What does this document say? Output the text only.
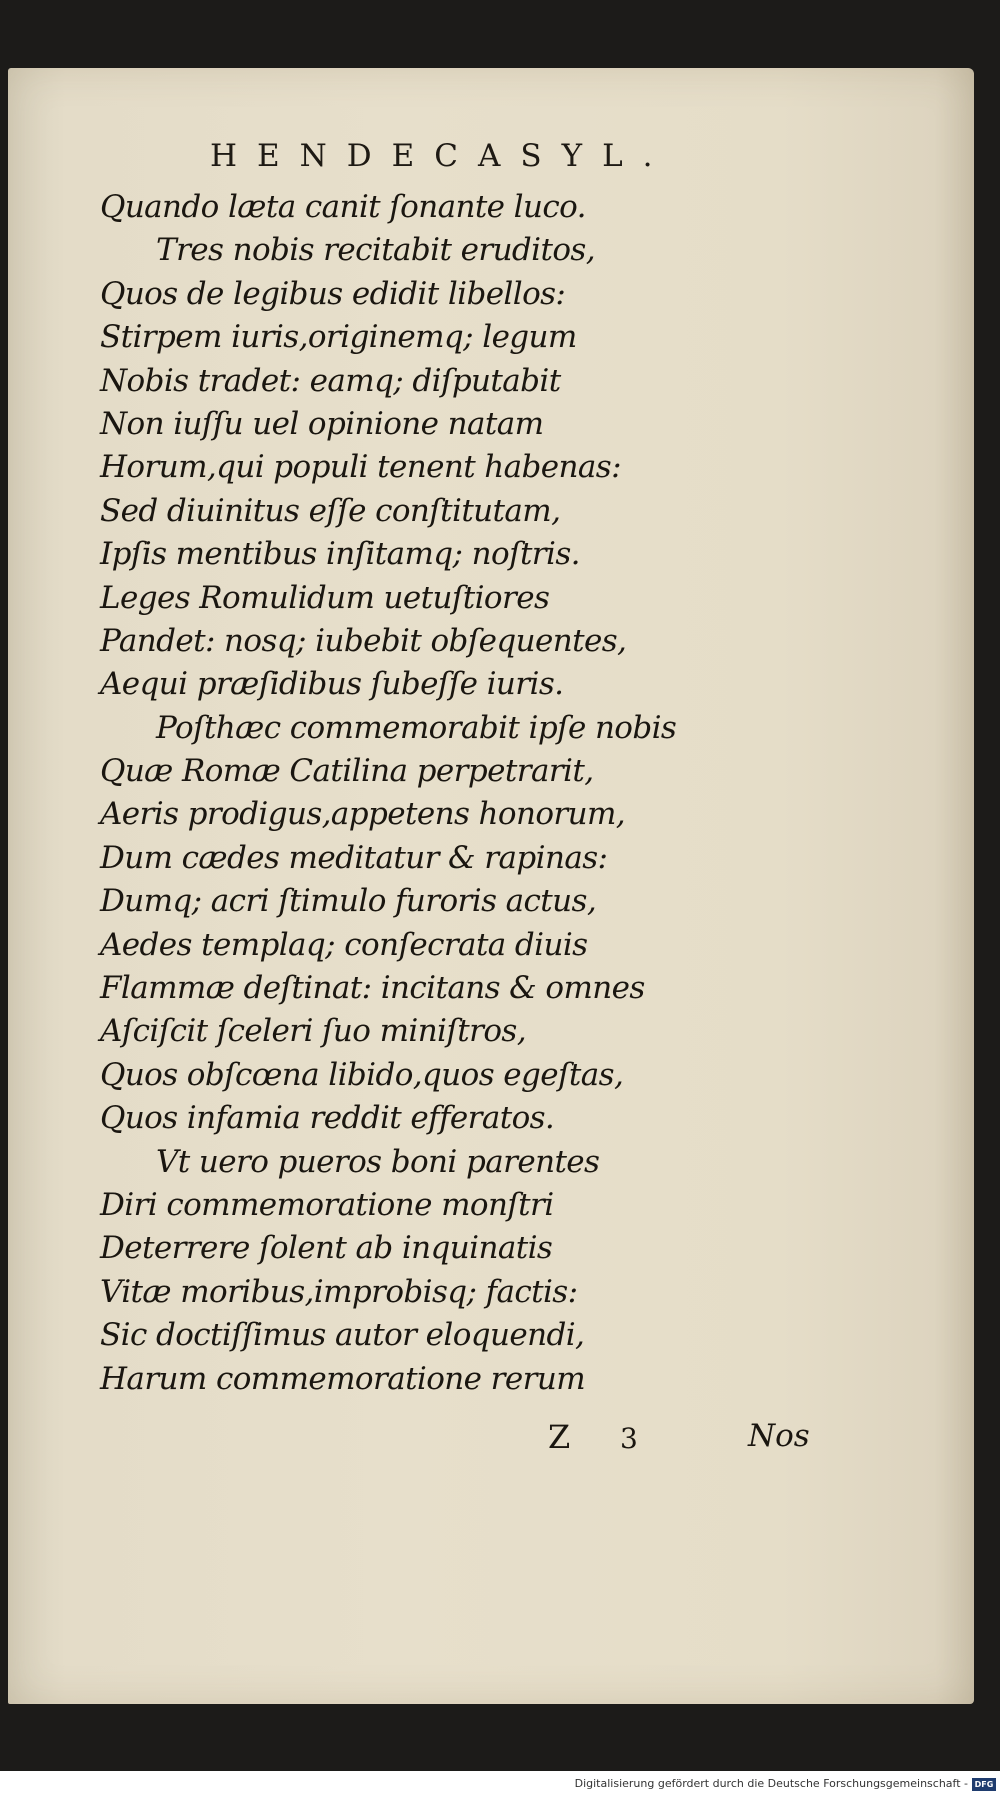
HENDECASYL.
Quando læta canit ſonante luco.
Tres nobis recitabit eruditos,
Quos de legibus edidit libellos:
Stirpem iuris,originemq; legum
Nobis tradet: eamq; diſputabit
Non iuſſu uel opinione natam
Horum,qui populi tenent habenas:
Sed diuinitus eſſe conſtitutam,
Ipſis mentibus inſitamq; noſtris.
Leges Romulidum uetuſtiores
Pandet: nosq; iubebit obſequentes,
Aequi præſidibus ſubeſſe iuris.
Poſthæc commemorabit ipſe nobis
Quæ Romæ Catilina perpetrarit,
Aeris prodigus,appetens honorum,
Dum cædes meditatur & rapinas:
Dumq; acri ſtimulo furoris actus,
Aedes templaq; conſecrata diuis
Flammæ deſtinat: incitans & omnes
Aſciſcit ſceleri ſuo miniſtros,
Quos obſcœna libido,quos egeſtas,
Quos infamia reddit efferatos.
Vt uero pueros boni parentes
Diri commemoratione monſtri
Deterrere ſolent ab inquinatis
Vitæ moribus,improbisq; factis:
Sic doctiſſimus autor eloquendi,
Harum commemoratione rerum
Z 3	Nos
Digitalisierung gefördert durch die Deutsche Forschungsgemeinschaft - DFG
